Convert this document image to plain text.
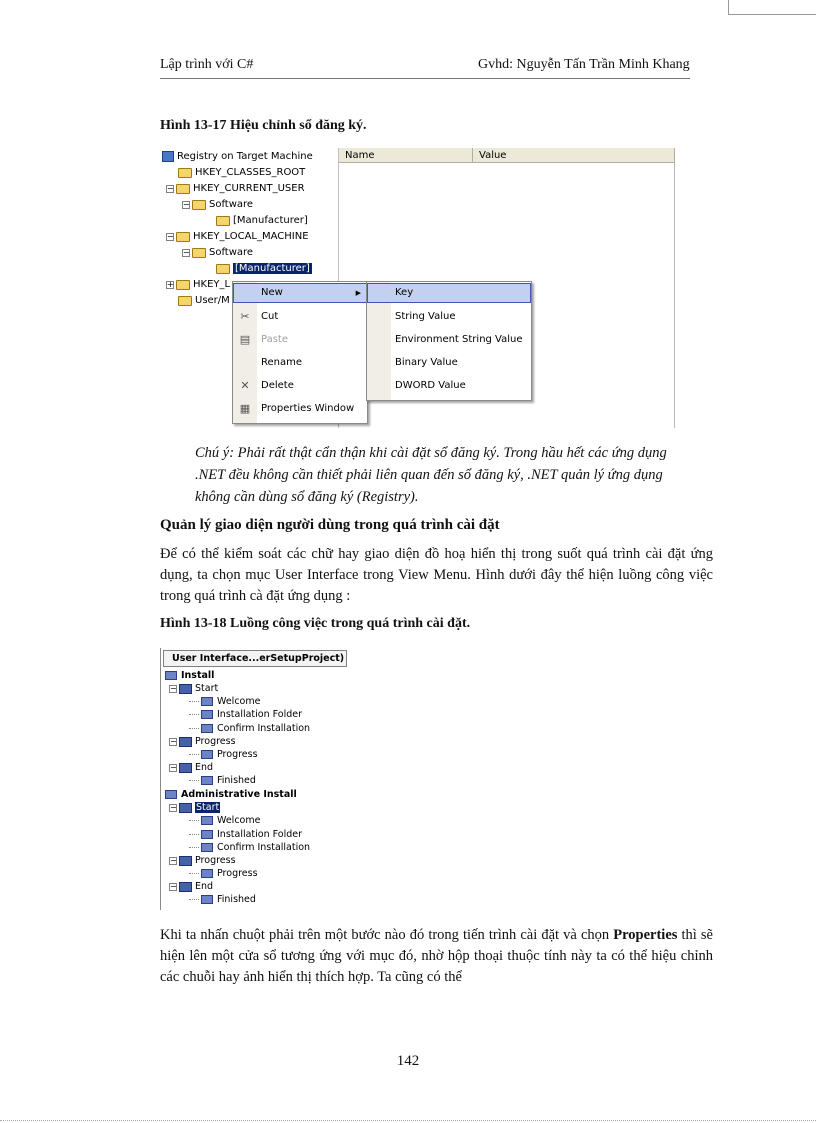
Lập trình với C#	Gvhd: Nguyễn Tấn Trần Minh Khang
Hình 13-17 Hiệu chỉnh sổ đăng ký.
Registry on Target Machine
HKEY_CLASSES_ROOT
− HKEY_CURRENT_USER
− Software
[Manufacturer]
− HKEY_LOCAL_MACHINE
− Software
[Manufacturer]
+ HKEY_L
User/M
Name	Value
New	▶
✂ Cut
▤ Paste
Rename
✕ Delete
▦ Properties Window
Key
String Value
Environment String Value
Binary Value
DWORD Value
Chú ý: Phải rất thật cẩn thận khi cài đặt sổ đăng ký. Trong hầu hết các ứng dụng .NET đều không cần thiết phải liên quan đến sổ đăng ký, .NET quản lý ứng dụng không cần dùng sổ đăng ký (Registry).
Quản lý giao diện người dùng trong quá trình cài đặt
Để có thể kiểm soát các chữ hay giao diện đồ hoạ hiển thị trong suốt quá trình cài đặt ứng dụng, ta chọn mục User Interface trong View Menu. Hình dưới đây thể hiện luồng công việc trong quá trình cà đặt ứng dụng :
Hình 13-18 Luồng công việc trong quá trình cài đặt.
User Interface...erSetupProject)
Install
− Start
Welcome
Installation Folder
Confirm Installation
− Progress
Progress
− End
Finished
Administrative Install
− Start
Welcome
Installation Folder
Confirm Installation
− Progress
Progress
− End
Finished
Khi ta nhấn chuột phải trên một bước nào đó trong tiến trình cài đặt và chọn Properties thì sẽ hiện lên một cửa sổ tương ứng với mục đó, nhờ hộp thoại thuộc tính này ta có thể hiệu chỉnh các chuỗi hay ảnh hiển thị thích hợp. Ta cũng có thể
142
